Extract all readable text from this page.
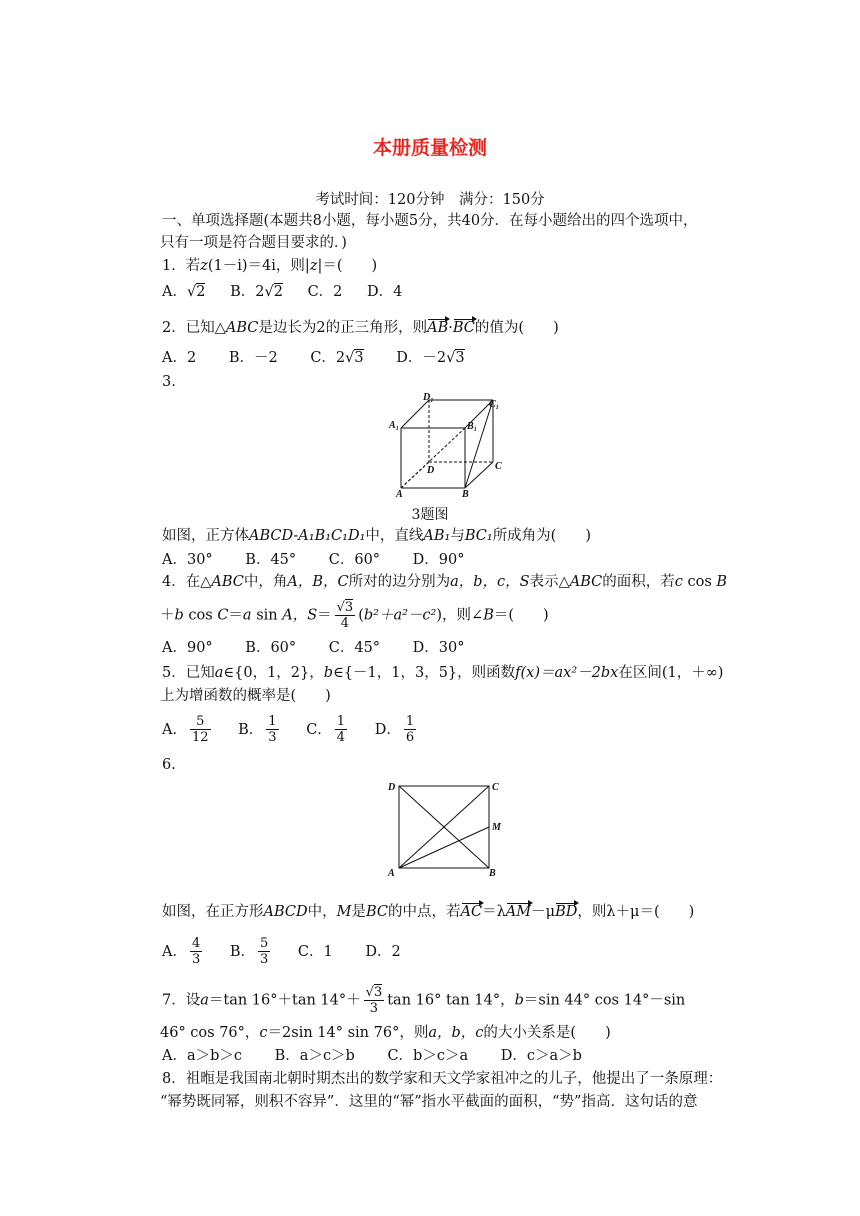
本册质量检测
考试时间：120分钟　满分：150分
一、单项选择题(本题共8小题，每小题5分，共40分．在每小题给出的四个选项中，
只有一项是符合题目要求的．)
1．若z(1－i)＝4i，则|z|＝(　　)
A．√2 B．2√2 C．2 D．4
2．已知△ABC是边长为2的正三角形，则AB·BC的值为(　　)
A．2 B．－2 C．2√3 D．－2√3
3.
A	B
C
D
A₁	B₁
C₁
D₁
3题图
如图，正方体ABCD-A₁B₁C₁D₁中，直线AB₁与BC₁所成角为(　　)
A．30° B．45° C．60° D．90°
4．在△ABC中，角A，B，C所对的边分别为a，b，c，S表示△ABC的面积，若c cos B
＋b cos C＝a sin A，$S= \frac{√3}{4} (b^2+a^2-c^2)$，则∠B＝(　　)
A．90° B．60° C．45° D．30°
5．已知a∈{0，1，2}，b∈{－1，1，3，5}，则函数f(x)＝ax²－2bx在区间(1，＋∞)
上为增函数的概率是(　　)
A． $\frac{5}{12}$ B． $\frac{1}{3}$ C． $\frac{1}{4}$ D． $\frac{1}{6}$
6.
D	C
M
A	B
如图，在正方形ABCD中，M是BC的中点，若AC＝λAM－μBD，则λ＋μ＝(　　)
A． $\frac{4}{3}$ B． $\frac{5}{3}$ C．1 D．2
7．设a＝tan 16°＋tan $14^\circ+ \frac{√3}{3}$ tan 16° tan 14°，b＝sin 44° cos 14°－sin
46° cos 76°，c＝2sin 14° sin 76°，则a，b，c的大小关系是(　　)
A．a＞b＞c B．a＞c＞b C．b＞c＞a D．c＞a＞b
8．祖暅是我国南北朝时期杰出的数学家和天文学家祖冲之的儿子，他提出了一条原理：
“幂势既同幂，则积不容异”．这里的“幂”指水平截面的面积，“势”指高．这句话的意
